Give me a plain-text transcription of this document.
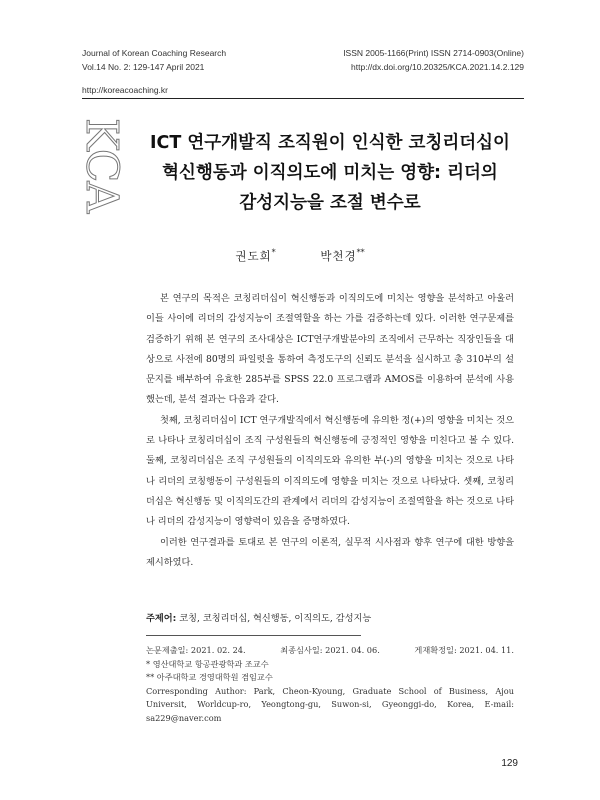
Journal of Korean Coaching Research
Vol.14 No. 2: 129-147 April 2021
ISSN 2005-1166(Print) ISSN 2714-0903(Online)
http://dx.doi.org/10.20325/KCA.2021.14.2.129
http://koreacoaching.kr
KCA ICT 연구개발직 조직원이 인식한 코칭리더십이
혁신행동과 이직의도에 미치는 영향: 리더의
감성지능을 조절 변수로
권도희*	박천경**

본 연구의 목적은 코칭리더십이 혁신행동과 이직의도에 미치는 영향을 분석하고 아울러 이들 사이에 리더의 감성지능이 조절역할을 하는 가를 검증하는데 있다. 이러한 연구문제를 검증하기 위해 본 연구의 조사대상은 ICT연구개발분야의 조직에서 근무하는 직장인들을 대상으로 사전에 80명의 파일럿을 통하여 측정도구의 신뢰도 분석을 실시하고 총 310부의 설문지를 배부하여 유효한 285부를 SPSS 22.0 프로그램과 AMOS를 이용하여 분석에 사용했는데, 분석 결과는 다음과 같다.

첫째, 코칭리더십이 ICT 연구개발직에서 혁신행동에 유의한 정(+)의 영향을 미치는 것으로 나타나 코칭리더십이 조직 구성원들의 혁신행동에 긍정적인 영향을 미친다고 볼 수 있다. 둘째, 코칭리더십은 조직 구성원들의 이직의도와 유의한 부(-)의 영향을 미치는 것으로 나타나 리더의 코칭행동이 구성원들의 이직의도에 영향을 미치는 것으로 나타났다. 셋째, 코칭리더십은 혁신행동 및 이직의도간의 관계에서 리더의 감성지능이 조절역할을 하는 것으로 나타나 리더의 감성지능이 영향력이 있음을 증명하였다.

이러한 연구결과를 토대로 본 연구의 이론적, 실무적 시사점과 향후 연구에 대한 방향을 제시하였다.

주제어: 코칭, 코칭리더십, 혁신행동, 이직의도, 감성지능
논문제출일: 2021. 02. 24.	최종심사일: 2021. 04. 06.	게재확정일: 2021. 04. 11.
* 영산대학교 항공관광학과 조교수
** 아주대학교 경영대학원 겸임교수
Corresponding Author: Park, Cheon-Kyoung, Graduate School of Business, Ajou Universit, Worldcup-ro, Yeongtong-gu, Suwon-si, Gyeonggi-do, Korea, E-mail: sa229@naver.com
129
